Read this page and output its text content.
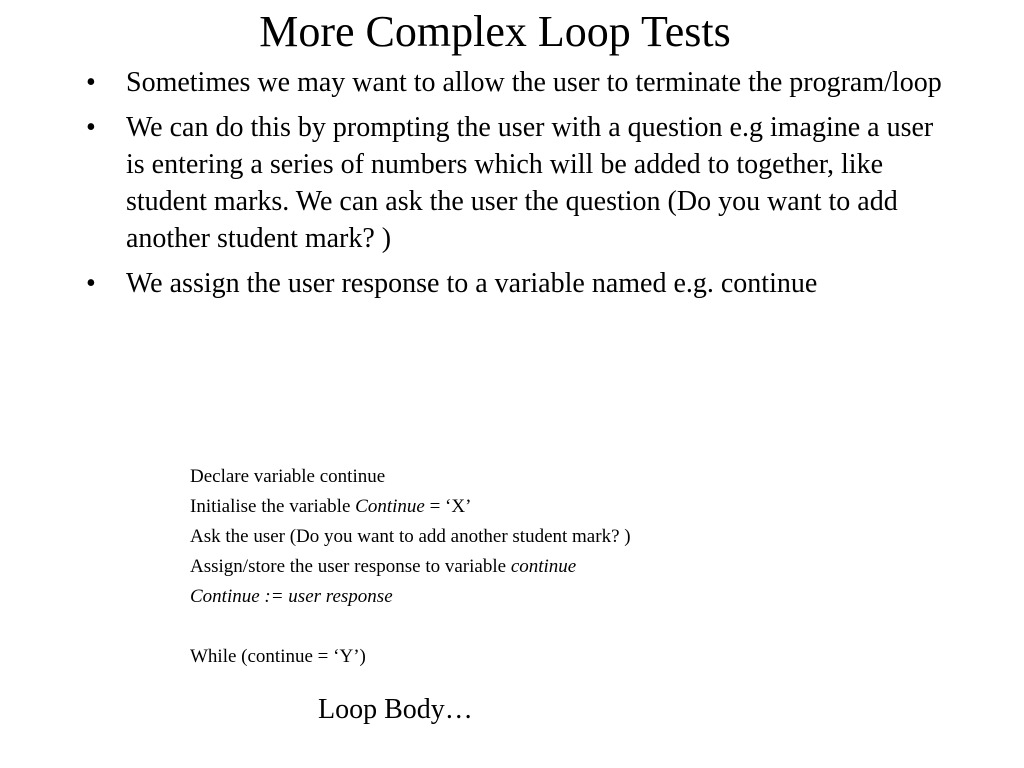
More Complex Loop Tests
• Sometimes we may want to allow the user to terminate the program/loop
• We can do this by prompting the user with a question e.g imagine a user is entering a series of numbers which will be added to together, like student marks. We can ask the user the question (Do you want to add another student mark? )
• We assign the user response to a variable named e.g. continue
Declare variable continue
Initialise the variable Continue = ‘X’
Ask the user (Do you want to add another student mark? )
Assign/store the user response to variable continue
Continue := user response
While (continue = ‘Y’)
Loop Body…
